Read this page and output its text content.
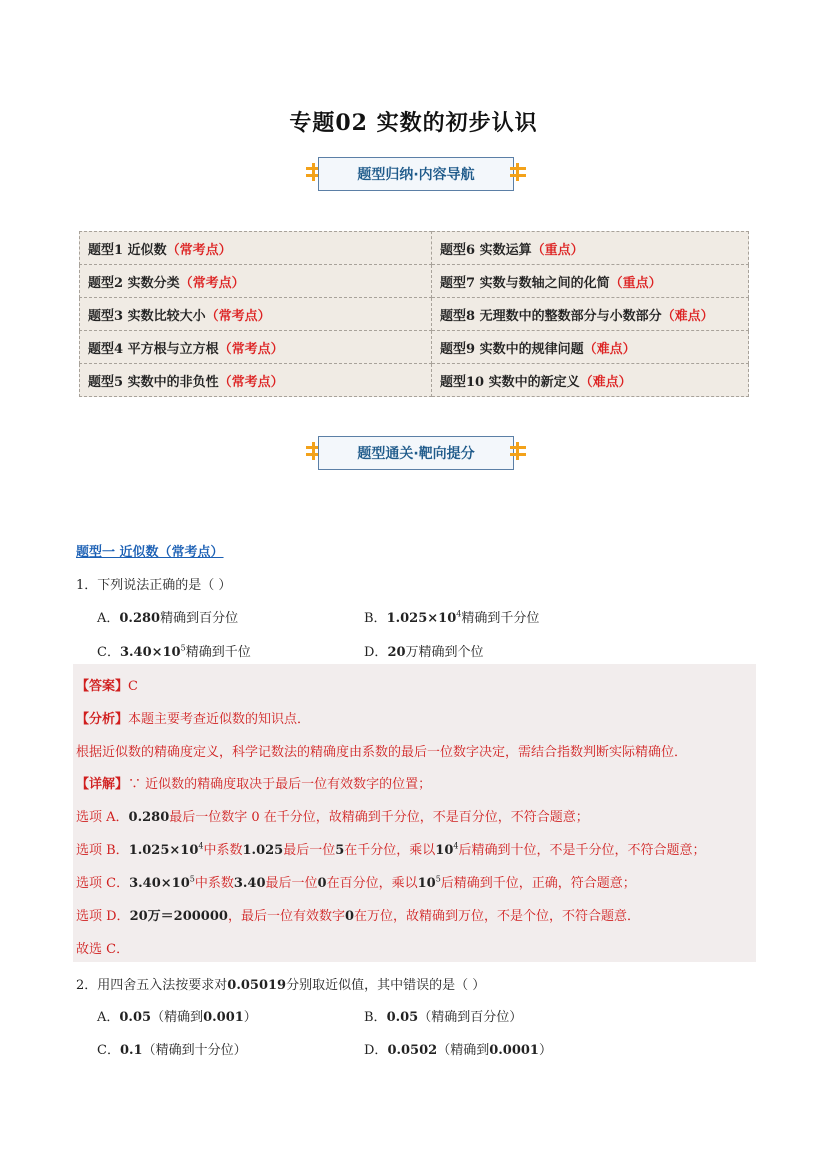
专题02 实数的初步认识
题型归纳·内容导航
题型1 近似数（常考点）	题型6 实数运算（重点）
题型2 实数分类（常考点）	题型7 实数与数轴之间的化简（重点）
题型3 实数比较大小（常考点）	题型8 无理数中的整数部分与小数部分（难点）
题型4 平方根与立方根（常考点）	题型9 实数中的规律问题（难点）
题型5 实数中的非负性（常考点）	题型10 实数中的新定义（难点）
题型通关·靶向提分
题型一 近似数（常考点）
1．下列说法正确的是（ ）
A．0.280精确到百分位	B．$1.025\times 10^4$精确到千分位
C．$3.40\times 10^5$精确到千位	D．20万精确到个位
【答案】C
【分析】本题主要考查近似数的知识点．
根据近似数的精确度定义，科学记数法的精确度由系数的最后一位数字决定，需结合指数判断实际精确位．
【详解】∵ 近似数的精确度取决于最后一位有效数字的位置；
选项 A．0.280最后一位数字 0 在千分位，故精确到千分位，不是百分位，不符合题意；
选项 B．$1.025\times 10^4$中系数1.025最后一位5在千分位，乘以$10^4$后精确到十位，不是千分位，不符合题意；
选项 C．$3.40\times 10^5$中系数3.40最后一位0在百分位，乘以$10^5$后精确到千位，正确，符合题意；
选项 D．20万＝200000，最后一位有效数字0在万位，故精确到万位，不是个位，不符合题意．
故选 C．
2．用四舍五入法按要求对0.05019分别取近似值，其中错误的是（ ）
A．0.05（精确到0.001）	B．0.05（精确到百分位）
C．0.1（精确到十分位）	D．0.0502（精确到0.0001）
